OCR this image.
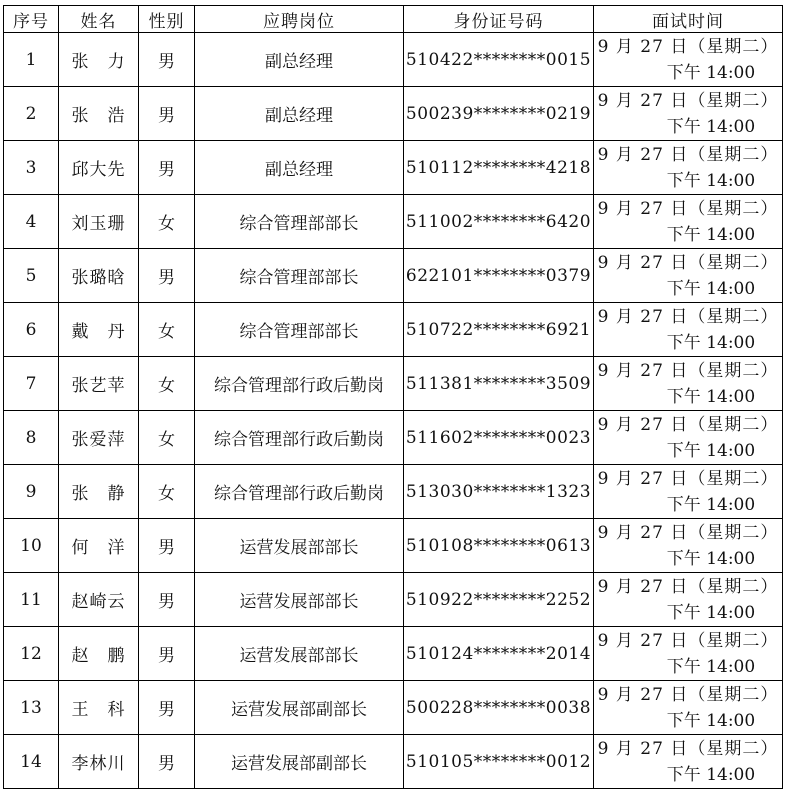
序号	姓名	性别	应聘岗位	身份证号码	面试时间
1	张　力	男	副总经理	510422********0015	9 月 27 日（星期二）
下午 14:00

2	张　浩	男	副总经理	500239********0219	9 月 27 日（星期二）
下午 14:00

3	邱大先	男	副总经理	510112********4218	9 月 27 日（星期二）
下午 14:00

4	刘玉珊	女	综合管理部部长	511002********6420	9 月 27 日（星期二）
下午 14:00

5	张璐晗	男	综合管理部部长	622101********0379	9 月 27 日（星期二）
下午 14:00

6	戴　丹	女	综合管理部部长	510722********6921	9 月 27 日（星期二）
下午 14:00

7	张艺苹	女	综合管理部行政后勤岗	511381********3509	9 月 27 日（星期二）
下午 14:00

8	张爱萍	女	综合管理部行政后勤岗	511602********0023	9 月 27 日（星期二）
下午 14:00

9	张　静	女	综合管理部行政后勤岗	513030********1323	9 月 27 日（星期二）
下午 14:00

10	何　洋	男	运营发展部部长	510108********0613	9 月 27 日（星期二）
下午 14:00

11	赵崎云	男	运营发展部部长	510922********2252	9 月 27 日（星期二）
下午 14:00

12	赵　鹏	男	运营发展部部长	510124********2014	9 月 27 日（星期二）
下午 14:00

13	王　科	男	运营发展部副部长	500228********0038	9 月 27 日（星期二）
下午 14:00

14	李林川	男	运营发展部副部长	510105********0012	9 月 27 日（星期二）
下午 14:00
